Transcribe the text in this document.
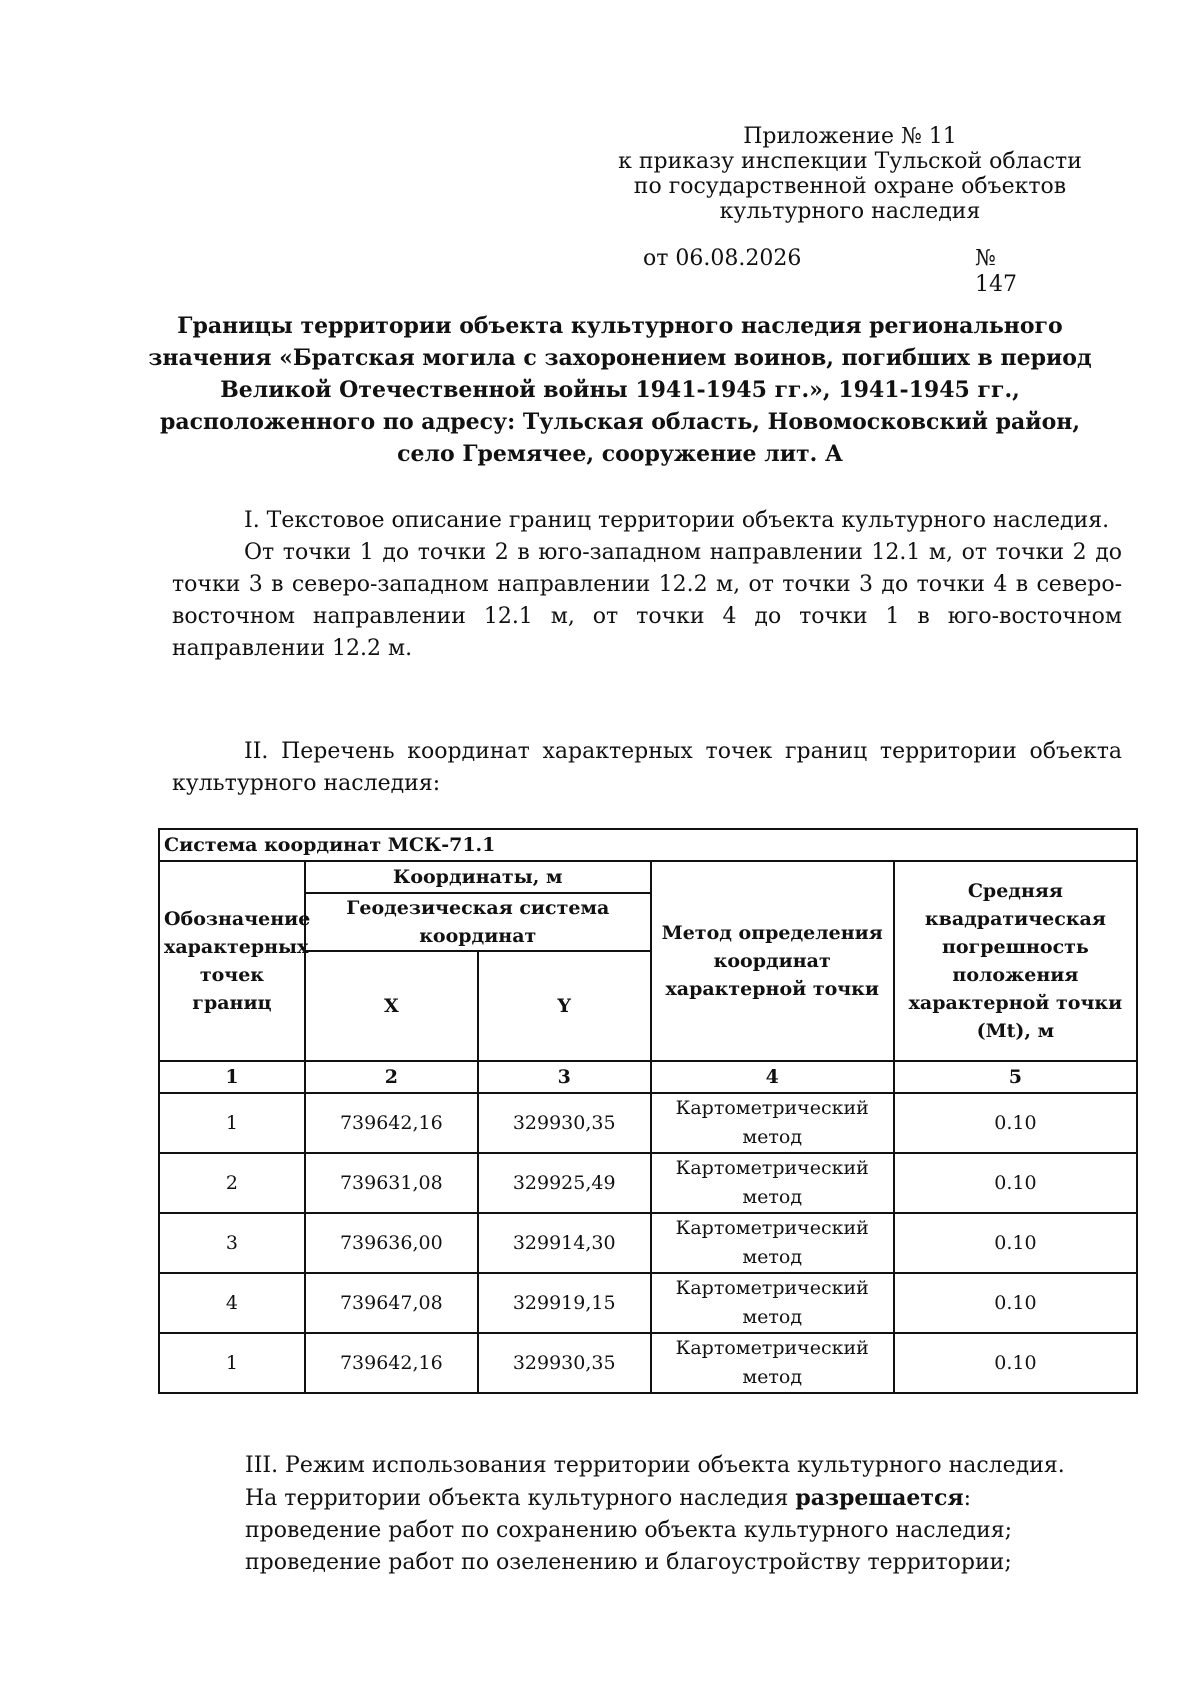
Приложение № 11
к приказу инспекции Тульской области
по государственной охране объектов
культурного наследия
от 06.08.2026	№ 147
Границы территории объекта культурного наследия регионального
значения «Братская могила с захоронением воинов, погибших в период
Великой Отечественной войны 1941-1945 гг.», 1941-1945 гг.,
расположенного по адресу: Тульская область, Новомосковский район,
село Гремячее, сооружение лит. А

I. Текстовое описание границ территории объекта культурного наследия.

От точки 1 до точки 2 в юго-западном направлении 12.1 м, от точки 2 до точки 3 в северо-западном направлении 12.2 м, от точки 3 до точки 4 в северо-восточном направлении 12.1 м, от точки 4 до точки 1 в юго-восточном направлении 12.2 м.

II. Перечень координат характерных точек границ территории объекта культурного наследия:

Система координат МСК-71.1				
Обозначение характерных точек границ	Координаты, м		Метод определения координат характерной точки	Средняя квадратическая погрешность положения характерной точки (Mt), м
	Геодезическая система координат			
	X	Y		
1	2	3	4	5
1	739642,16	329930,35	Картометрический метод	0.10
2	739631,08	329925,49	Картометрический метод	0.10
3	739636,00	329914,30	Картометрический метод	0.10
4	739647,08	329919,15	Картометрический метод	0.10
1	739642,16	329930,35	Картометрический метод	0.10
III. Режим использования территории объекта культурного наследия.
На территории объекта культурного наследия разрешается:
проведение работ по сохранению объекта культурного наследия;
проведение работ по озеленению и благоустройству территории;
